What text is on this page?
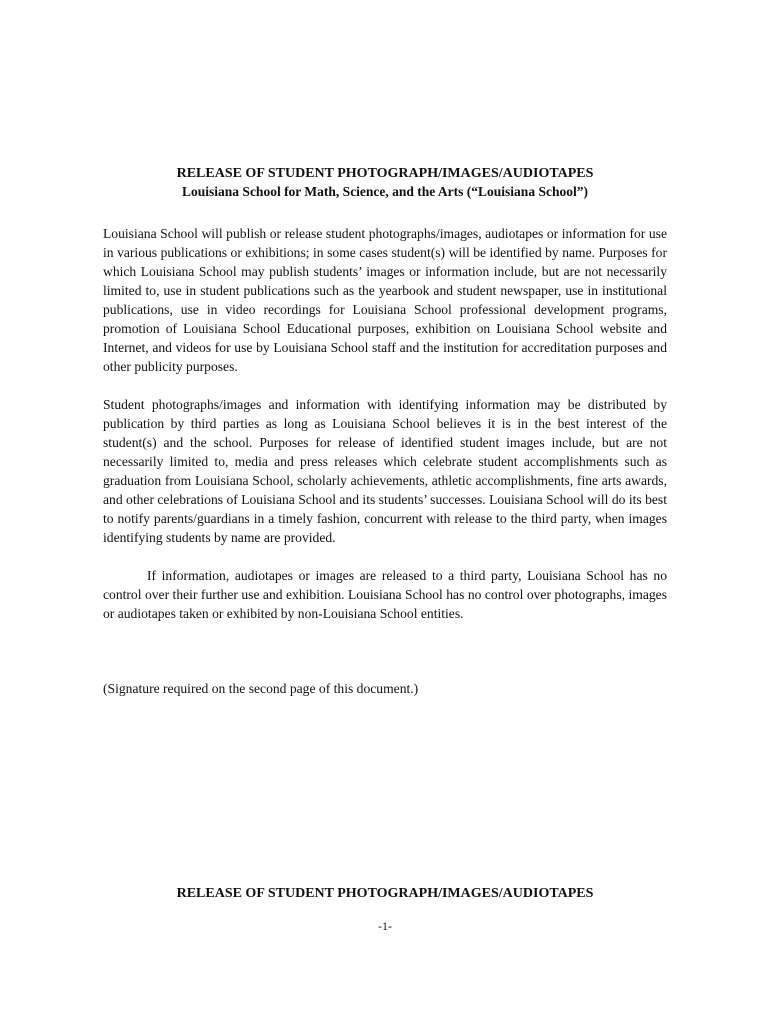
RELEASE OF STUDENT PHOTOGRAPH/IMAGES/AUDIOTAPES
Louisiana School for Math, Science, and the Arts (“Louisiana School”)

Louisiana School will publish or release student photographs/images, audiotapes or information for use in various publications or exhibitions; in some cases student(s) will be identified by name. Purposes for which Louisiana School may publish students’ images or information include, but are not necessarily limited to, use in student publications such as the yearbook and student newspaper, use in institutional publications, use in video recordings for Louisiana School professional development programs, promotion of Louisiana School Educational purposes, exhibition on Louisiana School website and Internet, and videos for use by Louisiana School staff and the institution for accreditation purposes and other publicity purposes.

Student photographs/images and information with identifying information may be distributed by publication by third parties as long as Louisiana School believes it is in the best interest of the student(s) and the school. Purposes for release of identified student images include, but are not necessarily limited to, media and press releases which celebrate student accomplishments such as graduation from Louisiana School, scholarly achievements, athletic accomplishments, fine arts awards, and other celebrations of Louisiana School and its students’ successes. Louisiana School will do its best to notify parents/guardians in a timely fashion, concurrent with release to the third party, when images identifying students by name are provided.

If information, audiotapes or images are released to a third party, Louisiana School has no control over their further use and exhibition. Louisiana School has no control over photographs, images or audiotapes taken or exhibited by non-Louisiana School entities.

(Signature required on the second page of this document.)

RELEASE OF STUDENT PHOTOGRAPH/IMAGES/AUDIOTAPES
-1-
